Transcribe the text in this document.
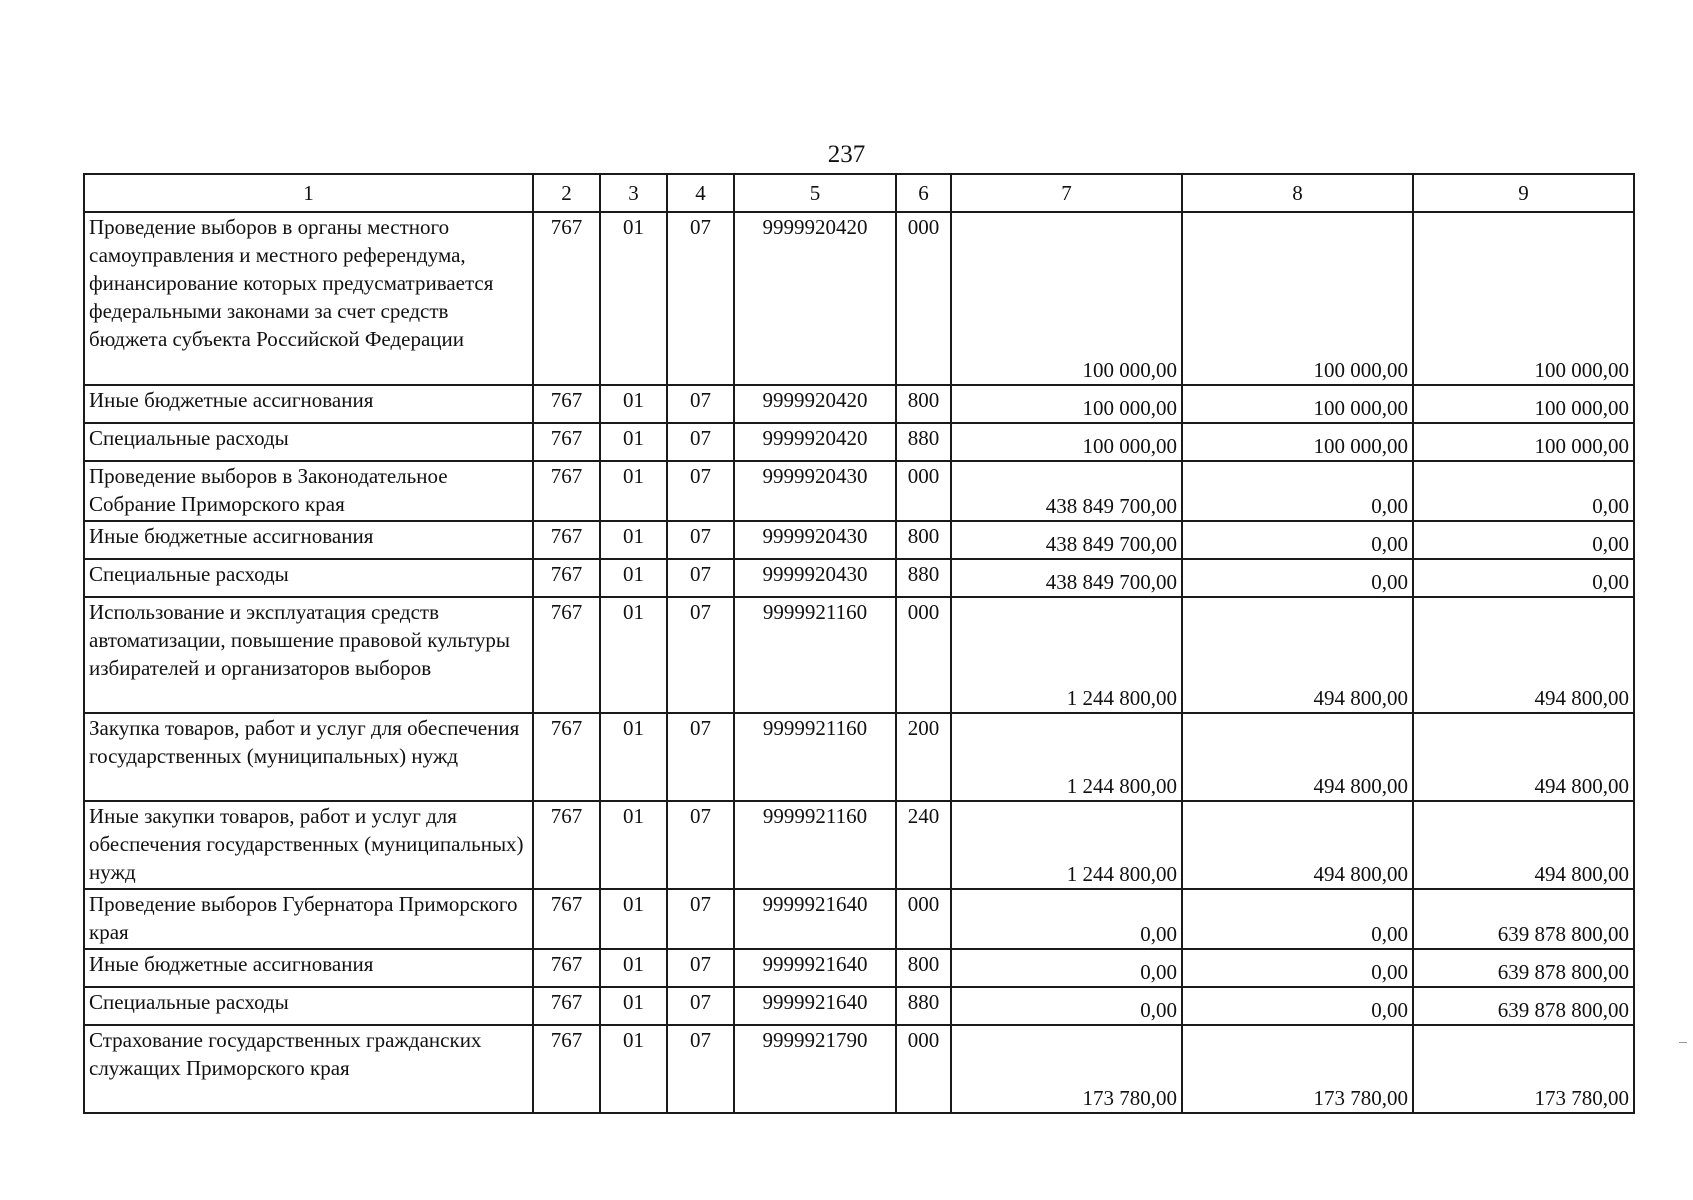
237
1	2	3	4	5	6	7	8	9
Проведение выборов в органы местного самоуправления и местного референдума, финансирование которых предусматривается федеральными законами за счет средств бюджета субъекта Российской Федерации	767	01	07	9999920420	000	100 000,00	100 000,00	100 000,00
Иные бюджетные ассигнования	767	01	07	9999920420	800	100 000,00	100 000,00	100 000,00
Специальные расходы	767	01	07	9999920420	880	100 000,00	100 000,00	100 000,00
Проведение выборов в Законодательное Собрание Приморского края	767	01	07	9999920430	000	438 849 700,00	0,00	0,00
Иные бюджетные ассигнования	767	01	07	9999920430	800	438 849 700,00	0,00	0,00
Специальные расходы	767	01	07	9999920430	880	438 849 700,00	0,00	0,00
Использование и эксплуатация средств автоматизации, повышение правовой культуры избирателей и организаторов выборов	767	01	07	9999921160	000	1 244 800,00	494 800,00	494 800,00
Закупка товаров, работ и услуг для обеспечения государственных (муниципальных) нужд	767	01	07	9999921160	200	1 244 800,00	494 800,00	494 800,00
Иные закупки товаров, работ и услуг для обеспечения государственных (муниципальных) нужд	767	01	07	9999921160	240	1 244 800,00	494 800,00	494 800,00
Проведение выборов Губернатора Приморского края	767	01	07	9999921640	000	0,00	0,00	639 878 800,00
Иные бюджетные ассигнования	767	01	07	9999921640	800	0,00	0,00	639 878 800,00
Специальные расходы	767	01	07	9999921640	880	0,00	0,00	639 878 800,00
Страхование государственных гражданских служащих Приморского края	767	01	07	9999921790	000	173 780,00	173 780,00	173 780,00
